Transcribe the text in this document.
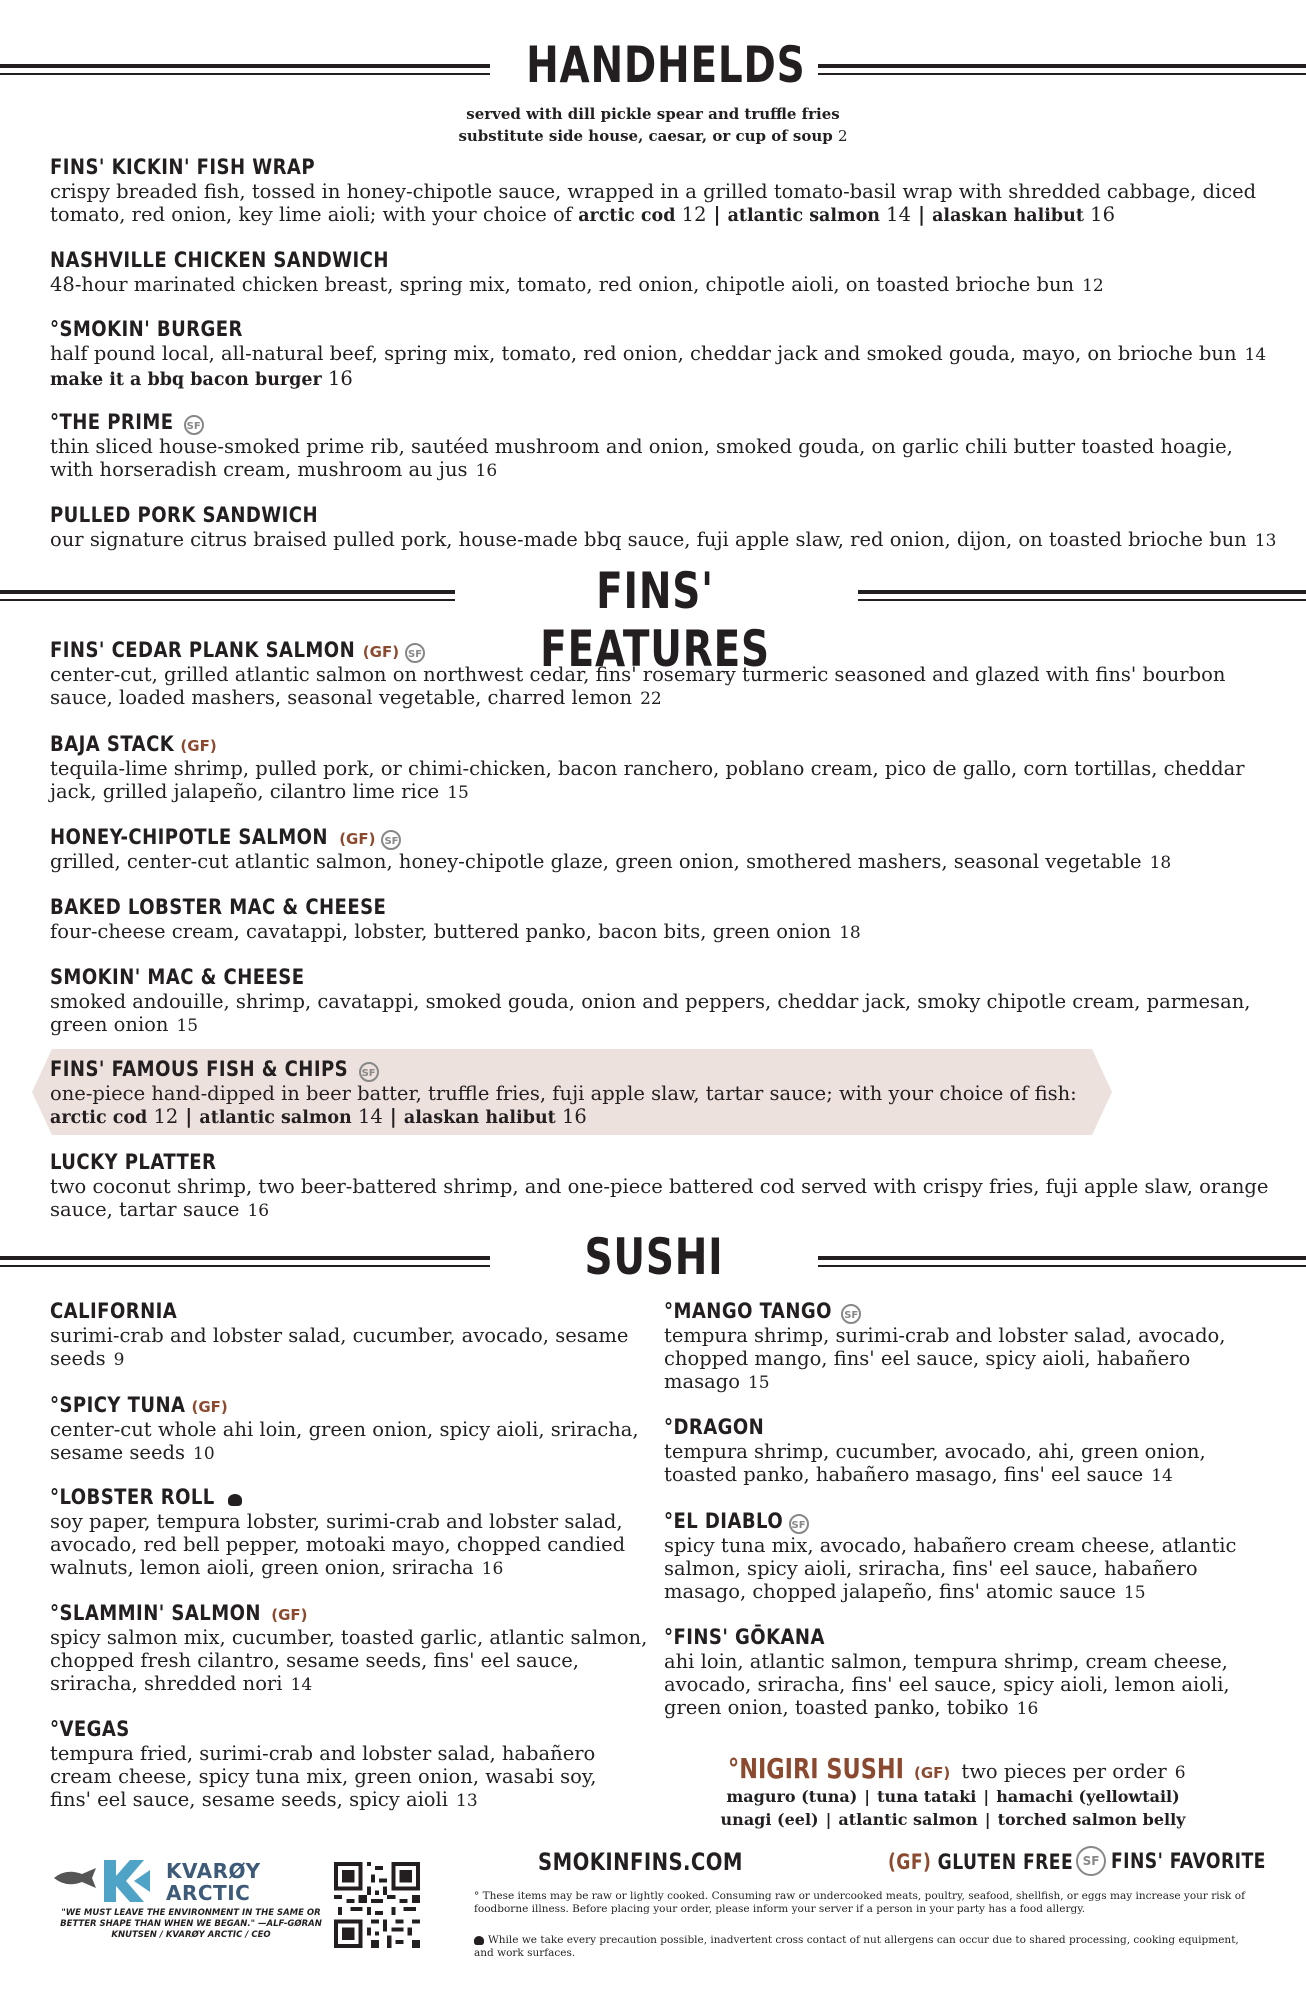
HANDHELDS
served with dill pickle spear and truffle fries
substitute side house, caesar, or cup of soup 2
FINS' KICKIN' FISH WRAP
crispy breaded fish, tossed in honey-chipotle sauce, wrapped in a grilled tomato-basil wrap with shredded cabbage, diced tomato, red onion, key lime aioli; with your choice of arctic cod 12 | atlantic salmon 14 | alaskan halibut 16
NASHVILLE CHICKEN SANDWICH
48-hour marinated chicken breast, spring mix, tomato, red onion, chipotle aioli, on toasted brioche bun 12
°SMOKIN' BURGER
half pound local, all-natural beef, spring mix, tomato, red onion, cheddar jack and smoked gouda, mayo, on brioche bun 14
make it a bbq bacon burger 16
°THE PRIME SF
thin sliced house-smoked prime rib, sautéed mushroom and onion, smoked gouda, on garlic chili butter toasted hoagie, with horseradish cream, mushroom au jus 16
PULLED PORK SANDWICH
our signature citrus braised pulled pork, house-made bbq sauce, fuji apple slaw, red onion, dijon, on toasted brioche bun 13
FINS' FEATURES
FINS' CEDAR PLANK SALMON (GF) SF
center-cut, grilled atlantic salmon on northwest cedar, fins' rosemary turmeric seasoned and glazed with fins' bourbon sauce, loaded mashers, seasonal vegetable, charred lemon 22
BAJA STACK (GF)
tequila-lime shrimp, pulled pork, or chimi-chicken, bacon ranchero, poblano cream, pico de gallo, corn tortillas, cheddar jack, grilled jalapeño, cilantro lime rice 15
HONEY-CHIPOTLE SALMON (GF) SF
grilled, center-cut atlantic salmon, honey-chipotle glaze, green onion, smothered mashers, seasonal vegetable 18
BAKED LOBSTER MAC & CHEESE
four-cheese cream, cavatappi, lobster, buttered panko, bacon bits, green onion 18
SMOKIN' MAC & CHEESE
smoked andouille, shrimp, cavatappi, smoked gouda, onion and peppers, cheddar jack, smoky chipotle cream, parmesan, green onion 15
FINS' FAMOUS FISH & CHIPS SF
one-piece hand-dipped in beer batter, truffle fries, fuji apple slaw, tartar sauce; with your choice of fish:
arctic cod 12 | atlantic salmon 14 | alaskan halibut 16
LUCKY PLATTER
two coconut shrimp, two beer-battered shrimp, and one-piece battered cod served with crispy fries, fuji apple slaw, orange sauce, tartar sauce 16
SUSHI
CALIFORNIA
surimi-crab and lobster salad, cucumber, avocado, sesame seeds 9
°SPICY TUNA (GF)
center-cut whole ahi loin, green onion, spicy aioli, sriracha, sesame seeds 10
°LOBSTER ROLL
soy paper, tempura lobster, surimi-crab and lobster salad, avocado, red bell pepper, motoaki mayo, chopped candied walnuts, lemon aioli, green onion, sriracha 16
°SLAMMIN' SALMON (GF)
spicy salmon mix, cucumber, toasted garlic, atlantic salmon, chopped fresh cilantro, sesame seeds, fins' eel sauce, sriracha, shredded nori 14
°VEGAS
tempura fried, surimi-crab and lobster salad, habañero cream cheese, spicy tuna mix, green onion, wasabi soy, fins' eel sauce, sesame seeds, spicy aioli 13
°MANGO TANGO SF
tempura shrimp, surimi-crab and lobster salad, avocado, chopped mango, fins' eel sauce, spicy aioli, habañero masago 15
°DRAGON
tempura shrimp, cucumber, avocado, ahi, green onion, toasted panko, habañero masago, fins' eel sauce 14
°EL DIABLO SF
spicy tuna mix, avocado, habañero cream cheese, atlantic salmon, spicy aioli, sriracha, fins' eel sauce, habañero masago, chopped jalapeño, fins' atomic sauce 15
°FINS' GŌKANA
ahi loin, atlantic salmon, tempura shrimp, cream cheese, avocado, sriracha, fins' eel sauce, spicy aioli, lemon aioli, green onion, toasted panko, tobiko 16
°NIGIRI SUSHI (GF) two pieces per order 6
maguro (tuna) | tuna tataki | hamachi (yellowtail)
unagi (eel) | atlantic salmon | torched salmon belly
KVARØY
ARCTIC
"WE MUST LEAVE THE ENVIRONMENT IN THE SAME OR BETTER SHAPE THAN WHEN WE BEGAN." —ALF-GØRAN KNUTSEN / KVARØY ARCTIC / CEO
SMOKINFINS.COM	(GF) GLUTEN FREE SF FINS' FAVORITE
° These items may be raw or lightly cooked. Consuming raw or undercooked meats, poultry, seafood, shellfish, or eggs may increase your risk of foodborne illness. Before placing your order, please inform your server if a person in your party has a food allergy.
While we take every precaution possible, inadvertent cross contact of nut allergens can occur due to shared processing, cooking equipment, and work surfaces.
